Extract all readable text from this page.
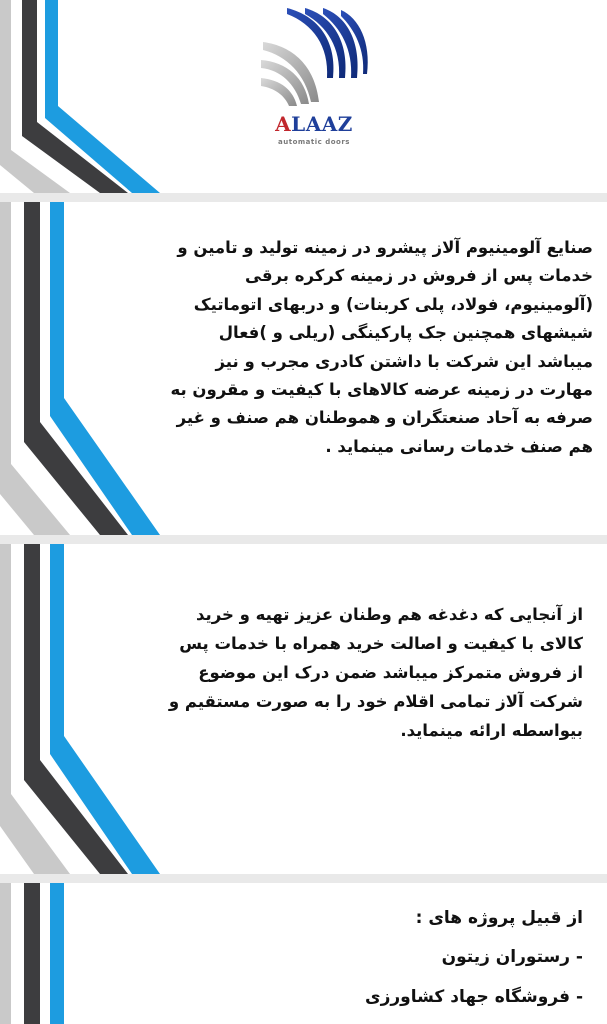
ALAAZ
automatic doors
صنایع آلومینیوم آلاز پیشرو در زمینه تولید و تامین و
خدمات پس از فروش در زمینه کرکره برقی
(آلومینیوم، فولاد، پلی کربنات) و دربهای اتوماتیک
شیشهای همچنین جک پارکینگی (ریلی و )فعال
میباشد این شرکت با داشتن کادری مجرب و نیز
مهارت در زمینه عرضه کالاهای با کیفیت و مقرون به
صرفه به آحاد صنعتگران و هموطنان هم صنف و غیر
هم صنف خدمات رسانی مینماید .
از آنجایی که دغدغه هم وطنان عزیز تهیه و خرید
کالای با کیفیت و اصالت خرید همراه با خدمات پس
از فروش متمرکز میباشد ضمن درک این موضوع
شرکت آلاز تمامی اقلام خود را به صورت مستقیم و
بیواسطه ارائه مینماید.
از قبیل پروژه های :
- رستوران زیتون
- فروشگاه جهاد کشاورزی
